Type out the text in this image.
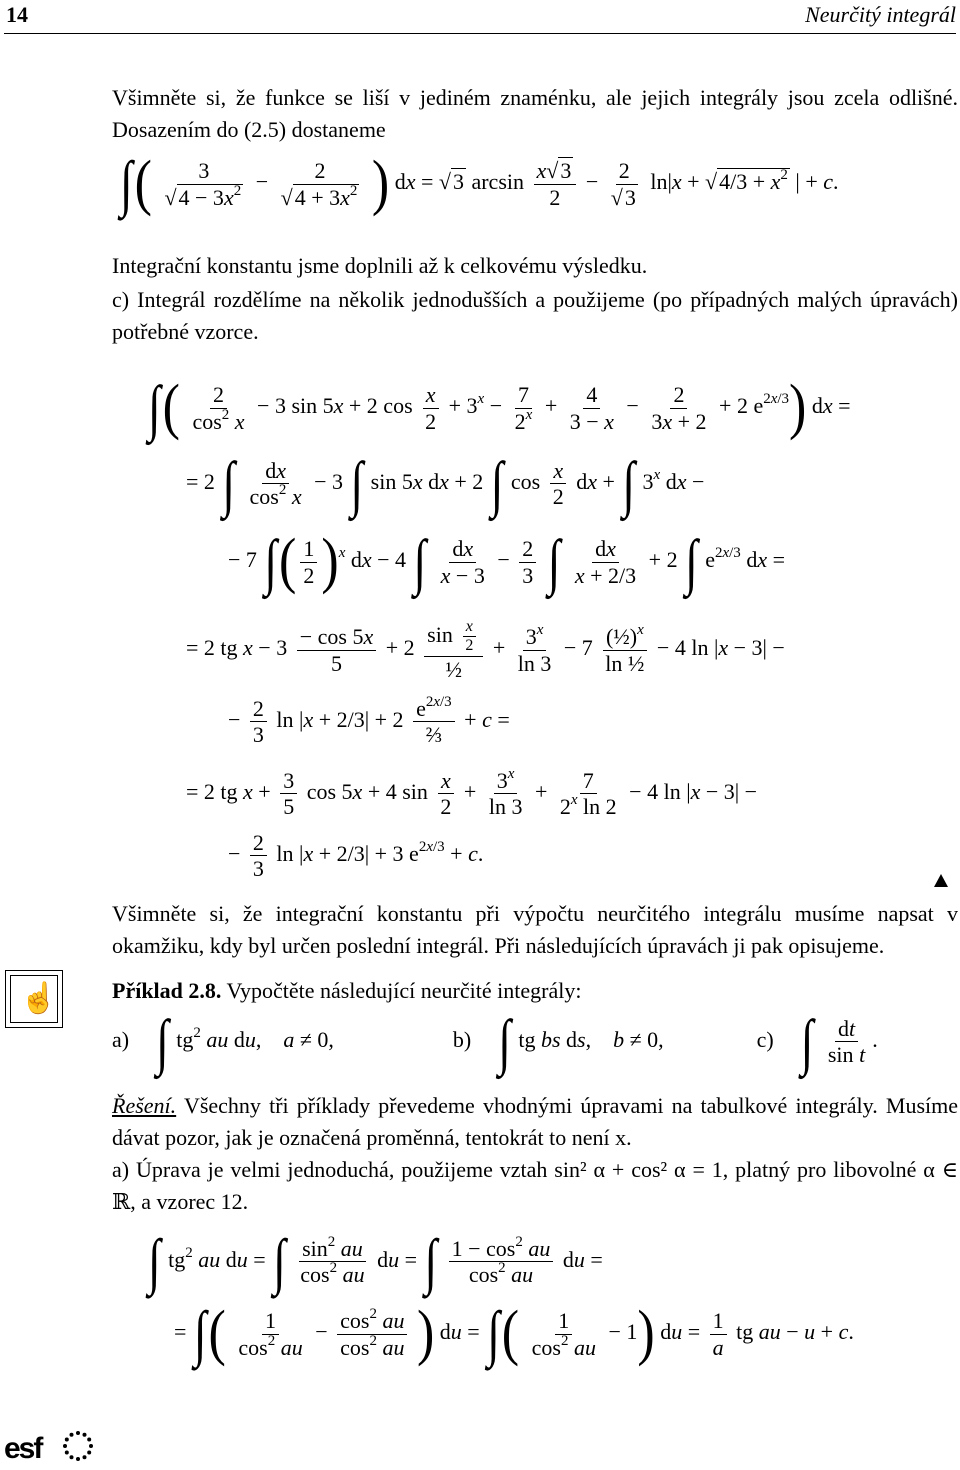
14	Neurčitý integrál
Všimněte si, že funkce se liší v jediném znaménku, ale jejich integrály jsou zcela odlišné. Dosazením do (2.5) dostaneme
∫( $\frac{3}{√4 - 3x^2} - \frac{2}{√4 + 3x^2}$ ) dx = √3 $\arcsin \frac{x√3}{2} - \frac{2}{√3} \ln|x + √4/3 + x^2$ | + c.
Integrační konstantu jsme doplnili až k celkovému výsledku.
c) Integrál rozdělíme na několik jednodušších a použijeme (po případných malých úpravách) potřebné vzorce.
∫( $\frac{2}{\cos^2 x} - 3$ sin 5x + 2 $\cos \frac{x}{2} + 3^x - \frac{7}{2^x} + \frac{4}{3 - x} - \frac{2}{3x + 2} + 2$ $e^{2x/3}$) dx =
= 2 ∫ $\frac{dx}{\cos^2 x} - 3$ ∫ sin 5x dx + 2 ∫ $\cos \frac{x}{2}$ dx + ∫ 3$^x$ dx −
− 7 ∫( $\frac{1}{2} )^x$ dx − 4 ∫ $\frac{dx}{x - 3} - \frac{2}{3}$ ∫ $\frac{dx}{x + 2/3} + 2$ ∫ $e^{2x/3}$ dx =
= 2 tg $x - 3 \frac{- \cos 5x}{5} + 2 \frac{\sin \frac{x}{2}}{\text{½}} + \frac{3^x}{\ln 3} - 7 \frac{(\frac{1}{2})^x}{\text{ln ½}} - 4$ ln |x − 3| −
− $\frac{2}{3}$ $\ln |x + 2/3| + 2 \frac{e^{2x/3}}{\text{⅔}} + c$ =
= 2 tg $x + \frac{3}{5}$ cos 5x + 4 $\sin \frac{x}{2} + \frac{3^x}{\ln 3} + \frac{7}{2^x \ln 2} - 4$ ln |x − 3| −
− $\frac{2}{3}$ ln |x + 2/3| + 3 $e^{2x/3} + c$.
Všimněte si, že integrační konstantu při výpočtu neurčitého integrálu musíme napsat v okamžiku, kdy byl určen poslední integrál. Při následujících úpravách ji pak opisujeme.
☝ Příklad 2.8. Vypočtěte následující neurčité integrály:
a) ∫ $tg^2$ au du,    a ≠ 0,	b) ∫ tg bs ds,    b ≠ 0,	c) ∫ $\frac{dt}{\text{sin t}}$ .
Řešení. Všechny tři příklady převedeme vhodnými úpravami na tabulkové integrály. Musíme dávat pozor, jak je označená proměnná, tentokrát to není x.
a) Úprava je velmi jednoduchá, použijeme vztah sin² α + cos² α = 1, platný pro libovolné α ∈ ℝ, a vzorec 12.
∫ $tg^2$ au du = ∫ $\frac{\sin^2 au}{\cos^2 au}$ du = ∫ $\frac{1 - \cos^2 au}{\cos^2 au}$ du =
= ∫( $\frac{1}{\cos^2 au} - \frac{\cos^2 au}{\cos^2 au}$ ) du = ∫( $\frac{1}{\cos^2 au} - 1$) du = $\frac{1}{a}$ tg au − u + c.
esf
